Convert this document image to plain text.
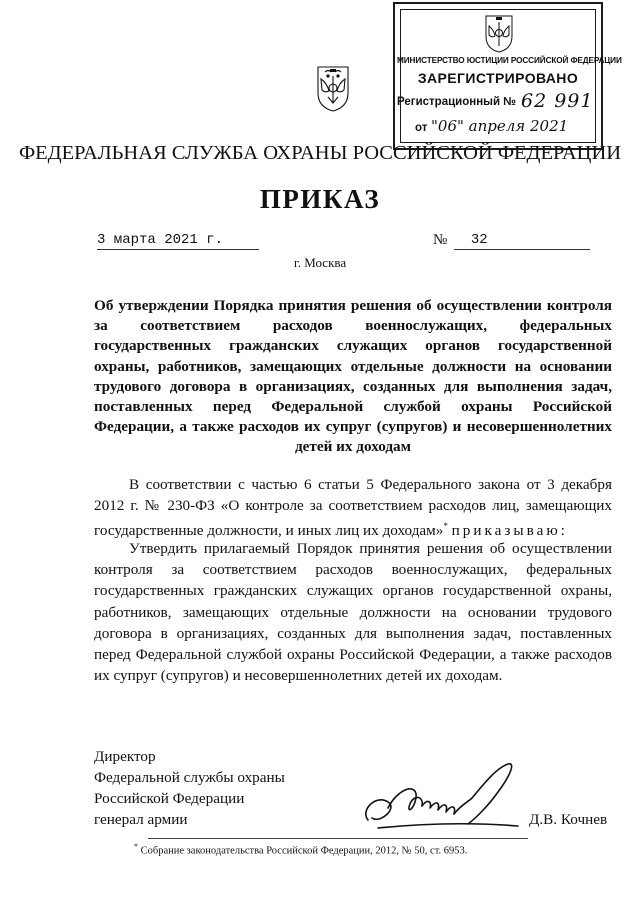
МИНИСТЕРСТВО ЮСТИЦИИ РОССИЙСКОЙ ФЕДЕРАЦИИ
ЗАРЕГИСТРИРОВАНО
Регистрационный № 62 991
от "06" апреля 2021
ФЕДЕРАЛЬНАЯ СЛУЖБА ОХРАНЫ РОССИЙСКОЙ ФЕДЕРАЦИИ
ПРИКАЗ
3 марта 2021 г.	№	32
г. Москва
Об утверждении Порядка принятия решения об осуществлении контроля за соответствием расходов военнослужащих, федеральных государственных гражданских служащих органов государственной охраны, работников, замещающих отдельные должности на основании трудового договора в организациях, созданных для выполнения задач, поставленных перед Федеральной службой охраны Российской Федерации, а также расходов их супруг (супругов) и несовершеннолетних
детей их доходам
В соответствии с частью 6 статьи 5 Федерального закона от 3 декабря 2012 г. № 230-ФЗ «О контроле за соответствием расходов лиц, замещающих государственные должности, и иных лиц их доходам»* приказываю:
Утвердить прилагаемый Порядок принятия решения об осуществлении контроля за соответствием расходов военнослужащих, федеральных государственных гражданских служащих органов государственной охраны, работников, замещающих отдельные должности на основании трудового договора в организациях, созданных для выполнения задач, поставленных перед Федеральной службой охраны Российской Федерации, а также расходов их супруг (супругов) и несовершеннолетних детей их доходам.
Директор
Федеральной службы охраны
Российской Федерации
генерал армии	Д.В. Кочнев
* Собрание законодательства Российской Федерации, 2012, № 50, ст. 6953.
